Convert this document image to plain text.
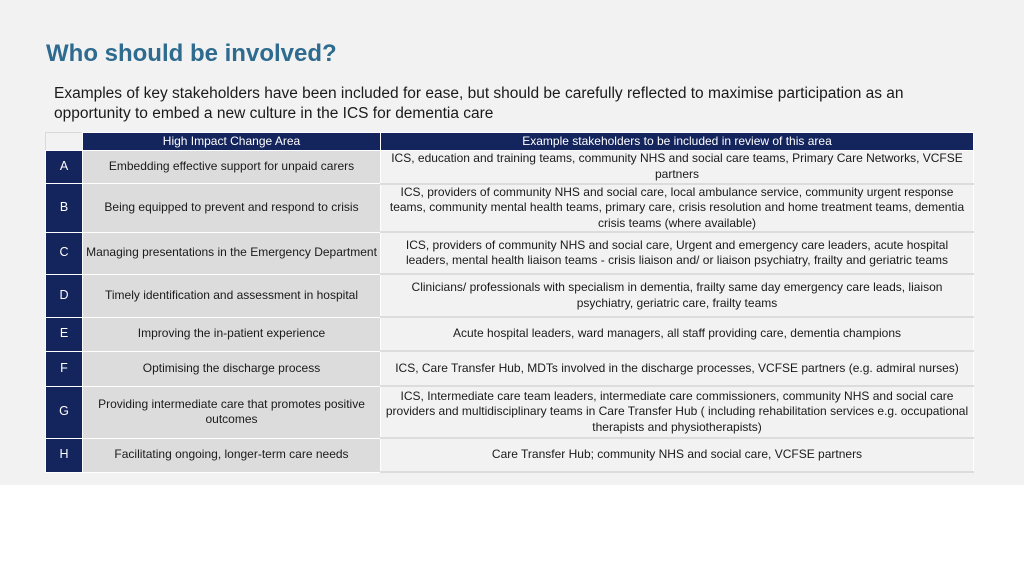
Who should be involved?
Examples of key stakeholders have been included for ease, but should be carefully reflected to maximise participation as an opportunity to embed a new culture in the ICS for dementia care
	High Impact Change Area	Example stakeholders to be included in review of this area
A	Embedding effective support for unpaid carers	ICS, education and training teams, community NHS and social care teams, Primary Care Networks, VCFSE partners
B	Being equipped to prevent and respond to crisis	ICS, providers of community NHS and social care, local ambulance service, community urgent response teams, community mental health teams, primary care, crisis resolution and home treatment teams, dementia crisis teams (where available)
C	Managing presentations in the Emergency Department	ICS, providers of community NHS and social care, Urgent and emergency care leaders, acute hospital leaders, mental health liaison teams - crisis liaison and/ or liaison psychiatry, frailty and geriatric teams
D	Timely identification and assessment in hospital	Clinicians/ professionals with specialism in dementia, frailty same day emergency care leads, liaison psychiatry, geriatric care, frailty teams
E	Improving the in-patient experience	Acute hospital leaders, ward managers, all staff providing care, dementia champions
F	Optimising the discharge process	ICS, Care Transfer Hub, MDTs involved in the discharge processes, VCFSE partners (e.g. admiral nurses)
G	Providing intermediate care that promotes positive outcomes	ICS, Intermediate care team leaders, intermediate care commissioners, community NHS and social care providers and multidisciplinary teams in Care Transfer Hub ( including rehabilitation services e.g. occupational therapists and physiotherapists)
H	Facilitating ongoing, longer-term care needs	Care Transfer Hub; community NHS and social care, VCFSE partners
